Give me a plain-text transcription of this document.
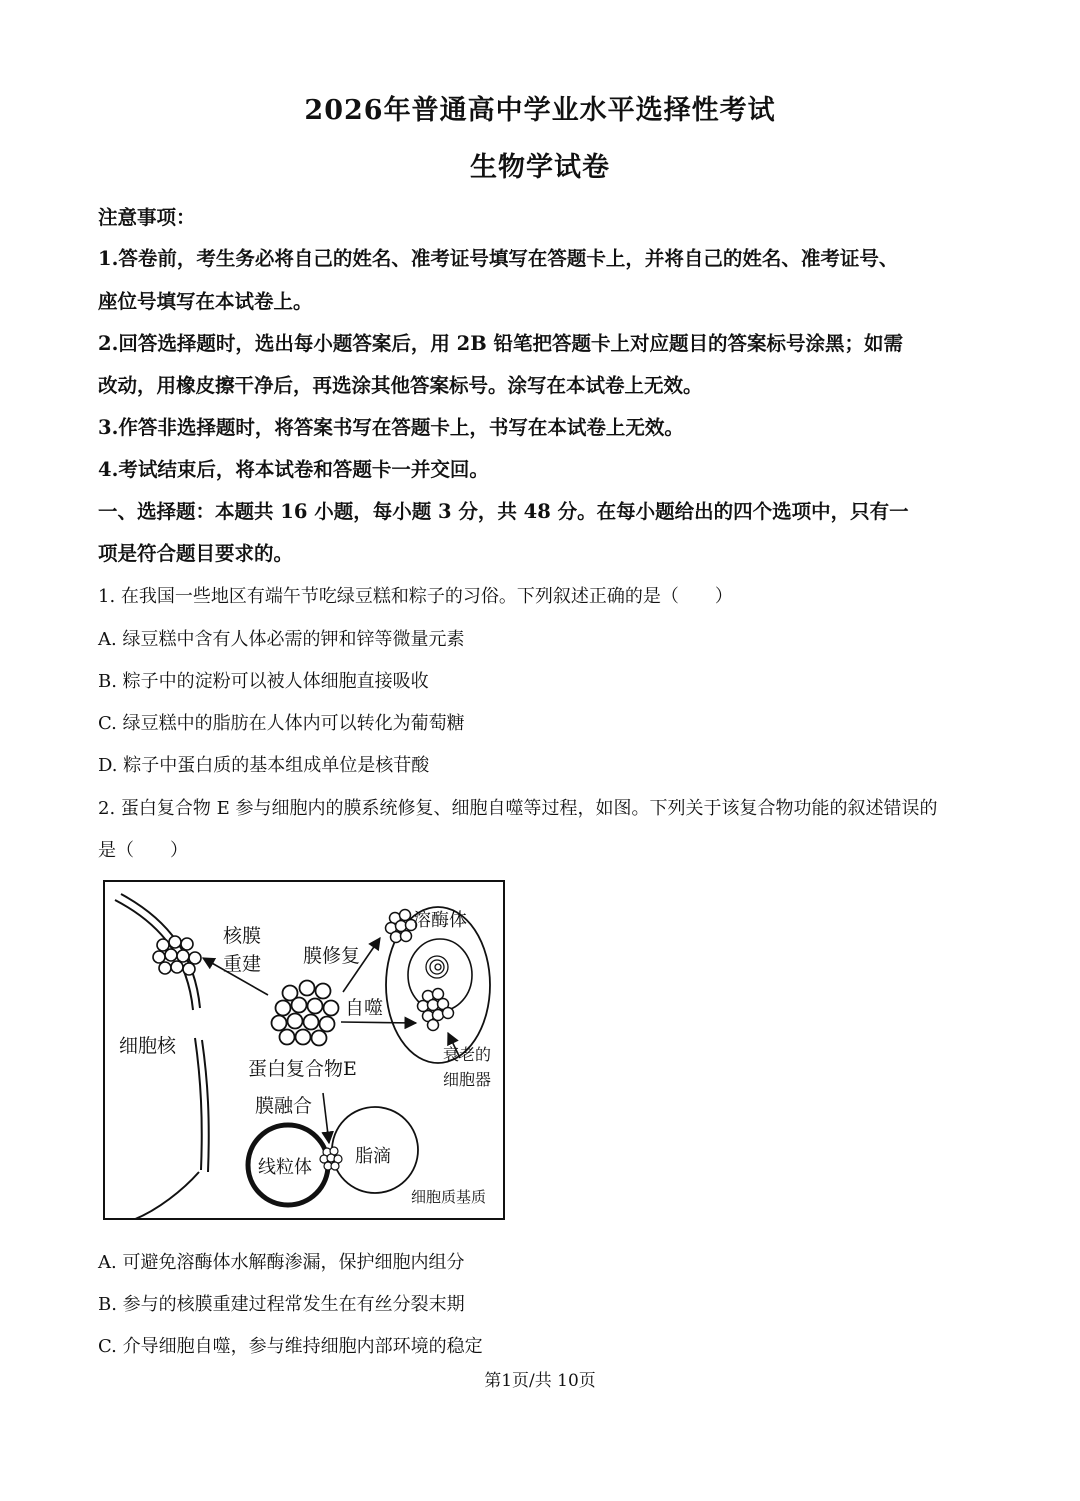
2026年普通高中学业水平选择性考试
生物学试卷
注意事项：
1.答卷前，考生务必将自己的姓名、准考证号填写在答题卡上，并将自己的姓名、准考证号、
座位号填写在本试卷上。
2.回答选择题时，选出每小题答案后，用 2B 铅笔把答题卡上对应题目的答案标号涂黑；如需
改动，用橡皮擦干净后，再选涂其他答案标号。涂写在本试卷上无效。
3.作答非选择题时，将答案书写在答题卡上，书写在本试卷上无效。
4.考试结束后，将本试卷和答题卡一并交回。
一、选择题：本题共 16 小题，每小题 3 分，共 48 分。在每小题给出的四个选项中，只有一
项是符合题目要求的。
1. 在我国一些地区有端午节吃绿豆糕和粽子的习俗。下列叙述正确的是（　　）
A. 绿豆糕中含有人体必需的钾和锌等微量元素
B. 粽子中的淀粉可以被人体细胞直接吸收
C. 绿豆糕中的脂肪在人体内可以转化为葡萄糖
D. 粽子中蛋白质的基本组成单位是核苷酸
2. 蛋白复合物 E 参与细胞内的膜系统修复、细胞自噬等过程，如图。下列关于该复合物功能的叙述错误的
是（　　）
核膜
重建 膜修复
溶酶体
自噬
细胞核
蛋白复合物E
衰老的
细胞器
膜融合
线粒体
脂滴
细胞质基质
A. 可避免溶酶体水解酶渗漏，保护细胞内组分
B. 参与的核膜重建过程常发生在有丝分裂末期
C. 介导细胞自噬，参与维持细胞内部环境的稳定
第1页/共 10页
